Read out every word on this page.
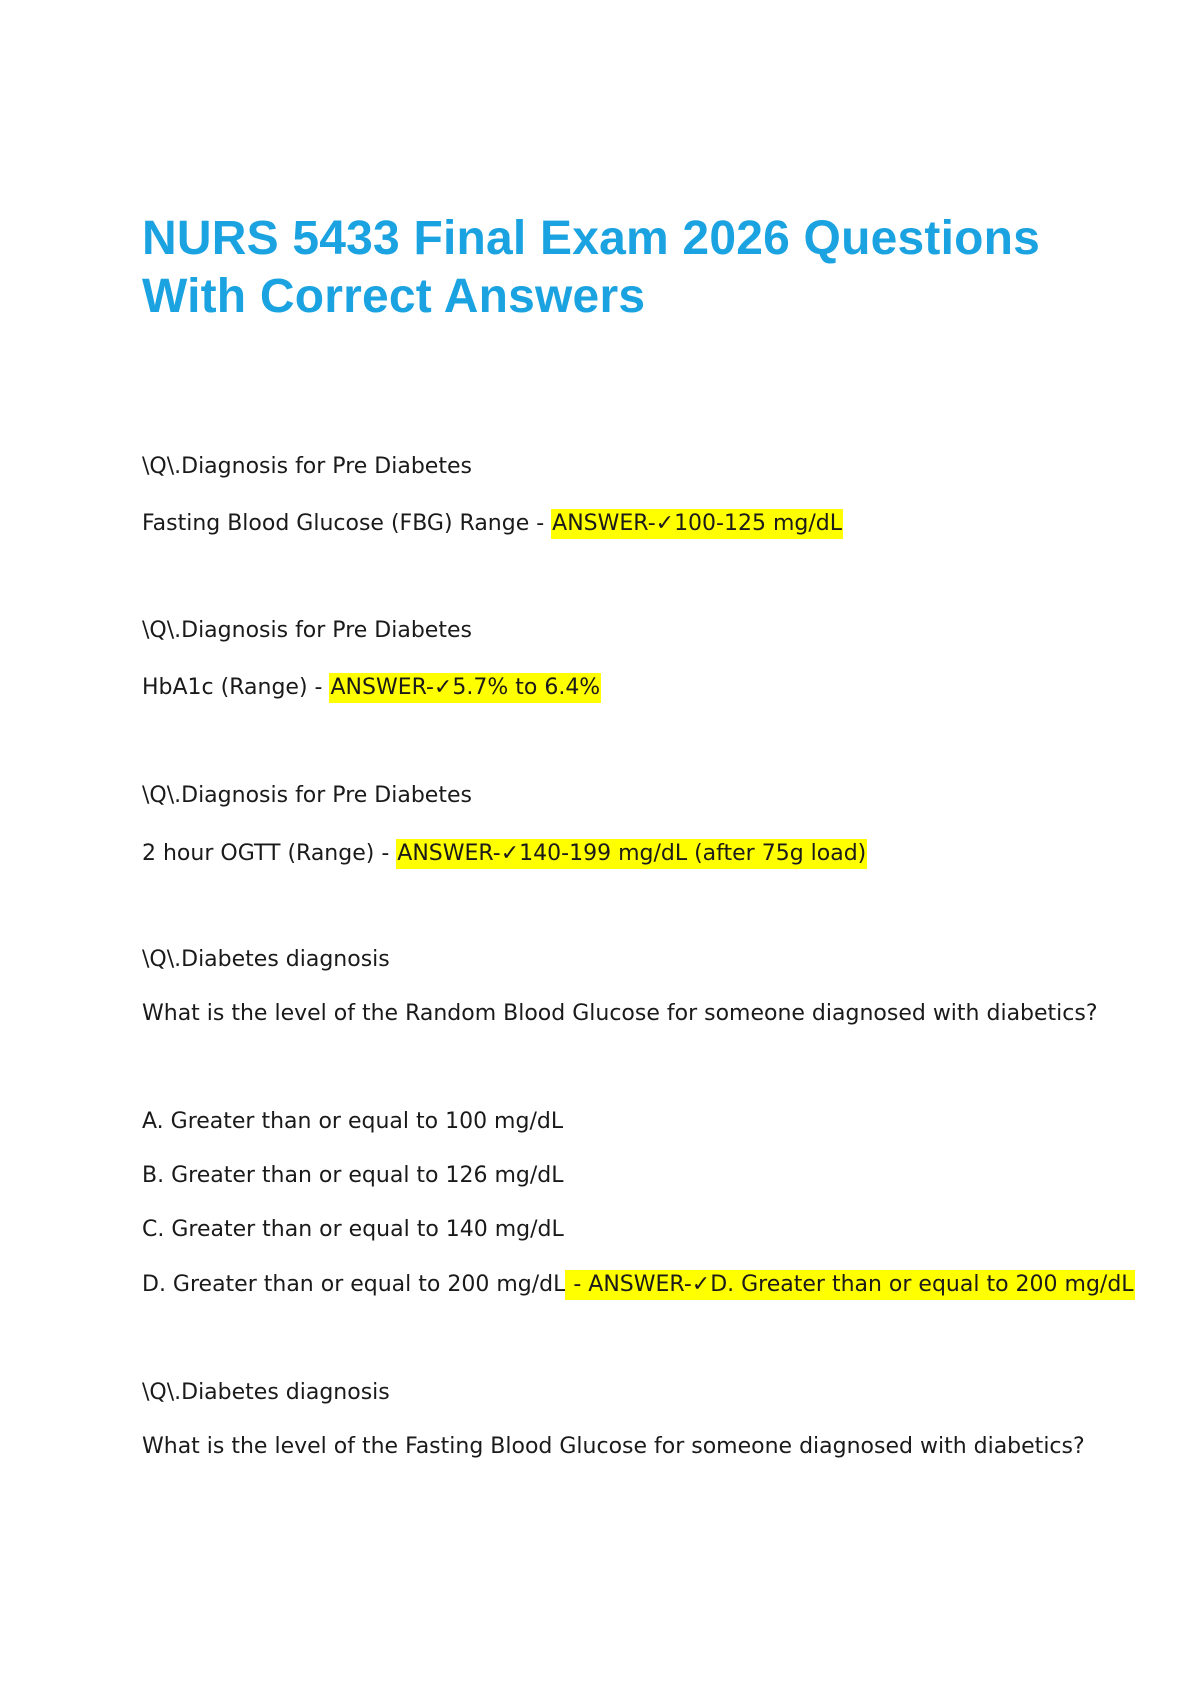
NURS 5433 Final Exam 2026 Questions
With Correct Answers

\Q\.Diagnosis for Pre Diabetes

Fasting Blood Glucose (FBG) Range - ANSWER-✓100-125 mg/dL

\Q\.Diagnosis for Pre Diabetes

HbA1c (Range) - ANSWER-✓5.7% to 6.4%

\Q\.Diagnosis for Pre Diabetes

2 hour OGTT (Range) - ANSWER-✓140-199 mg/dL (after 75g load)

\Q\.Diabetes diagnosis

What is the level of the Random Blood Glucose for someone diagnosed with diabetics?

A. Greater than or equal to 100 mg/dL

B. Greater than or equal to 126 mg/dL

C. Greater than or equal to 140 mg/dL

D. Greater than or equal to 200 mg/dL - ANSWER-✓D. Greater than or equal to 200 mg/dL

\Q\.Diabetes diagnosis

What is the level of the Fasting Blood Glucose for someone diagnosed with diabetics?
